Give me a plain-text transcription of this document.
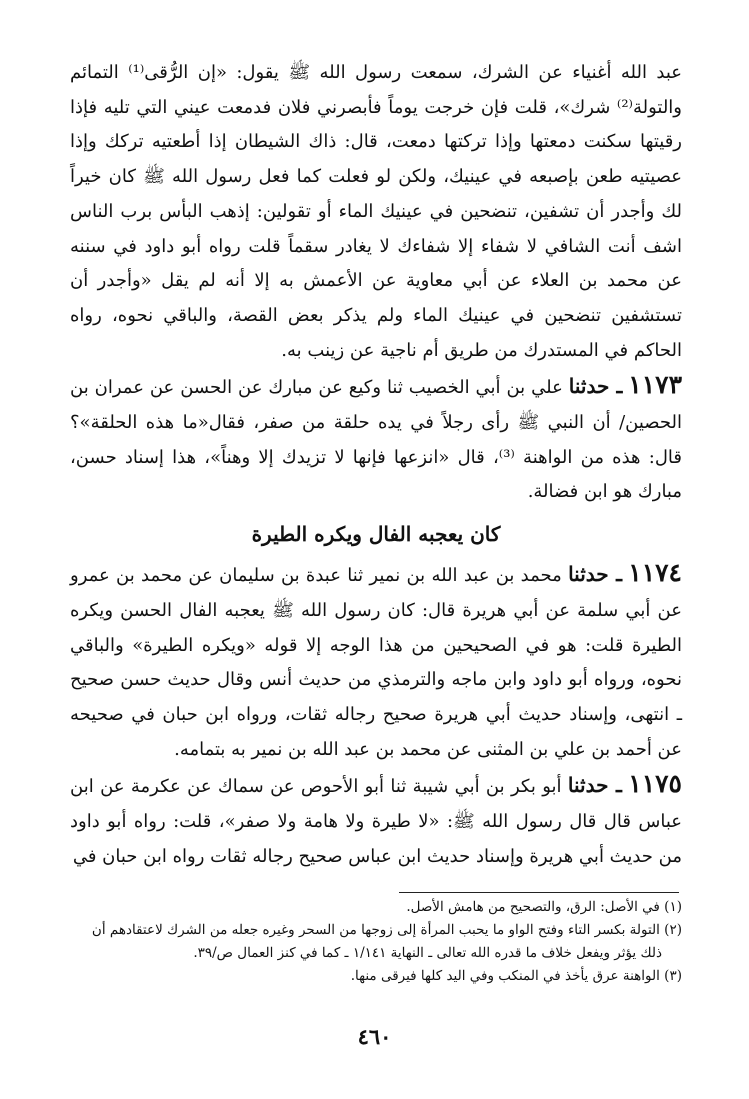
عبد الله أغنياء عن الشرك، سمعت رسول الله ﷺ يقول: «إن الرُّقى⁽¹⁾ التمائم والتولة⁽²⁾ شرك»، قلت فإن خرجت يوماً فأبصرني فلان فدمعت عيني التي تليه فإذا رقيتها سكنت دمعتها وإذا تركتها دمعت، قال: ذاك الشيطان إذا أطعتيه تركك وإذا عصيتيه طعن بإصبعه في عينيك، ولكن لو فعلت كما فعل رسول الله ﷺ كان خيراً لك وأجدر أن تشفين، تنضحين في عينيك الماء أو تقولين: إذهب البأس برب الناس اشف أنت الشافي لا شفاء إلا شفاءك لا يغادر سقماً قلت رواه أبو داود في سننه عن محمد بن العلاء عن أبي معاوية عن الأعمش به إلا أنه لم يقل «وأجدر أن تستشفين تنضحين في عينيك الماء ولم يذكر بعض القصة، والباقي نحوه، رواه الحاكم في المستدرك من طريق أم ناجية عن زينب به.

١١٧٣ ـ حدثنا علي بن أبي الخصيب ثنا وكيع عن مبارك عن الحسن عن عمران بن الحصين/ أن النبي ﷺ رأى رجلاً في يده حلقة من صفر، فقال«ما هذه الحلقة»؟ قال: هذه من الواهنة ⁽³⁾، قال «انزعها فإنها لا تزيدك إلا وهناً»، هذا إسناد حسن، مبارك هو ابن فضالة.

كان يعجبه الفال ويكره الطيرة

١١٧٤ ـ حدثنا محمد بن عبد الله بن نمير ثنا عبدة بن سليمان عن محمد بن عمرو عن أبي سلمة عن أبي هريرة قال: كان رسول الله ﷺ يعجبه الفال الحسن ويكره الطيرة قلت: هو في الصحيحين من هذا الوجه إلا قوله «ويكره الطيرة» والباقي نحوه، ورواه أبو داود وابن ماجه والترمذي من حديث أنس وقال حديث حسن صحيح ـ انتهى، وإسناد حديث أبي هريرة صحيح رجاله ثقات، ورواه ابن حبان في صحيحه عن أحمد بن علي بن المثنى عن محمد بن عبد الله بن نمير به بتمامه.

١١٧٥ ـ حدثنا أبو بكر بن أبي شيبة ثنا أبو الأحوص عن سماك عن عكرمة عن ابن عباس قال قال رسول الله ﷺ: «لا طيرة ولا هامة ولا صفر»، قلت: رواه أبو داود من حديث أبي هريرة وإسناد حديث ابن عباس صحيح رجاله ثقات رواه ابن حبان في

(١) في الأصل: الرق، والتصحيح من هامش الأصل.

(٢) التولة بكسر التاء وفتح الواو ما يحبب المرأة إلى زوجها من السحر وغيره جعله من الشرك لاعتقادهم أن

ذلك يؤثر ويفعل خلاف ما قدره الله تعالى ـ النهاية ١/١٤١ ـ كما في كنز العمال ص/٣٩.

(٣) الواهنة عرق يأخذ في المنكب وفي اليد كلها فيرقى منها.

٤٦٠
